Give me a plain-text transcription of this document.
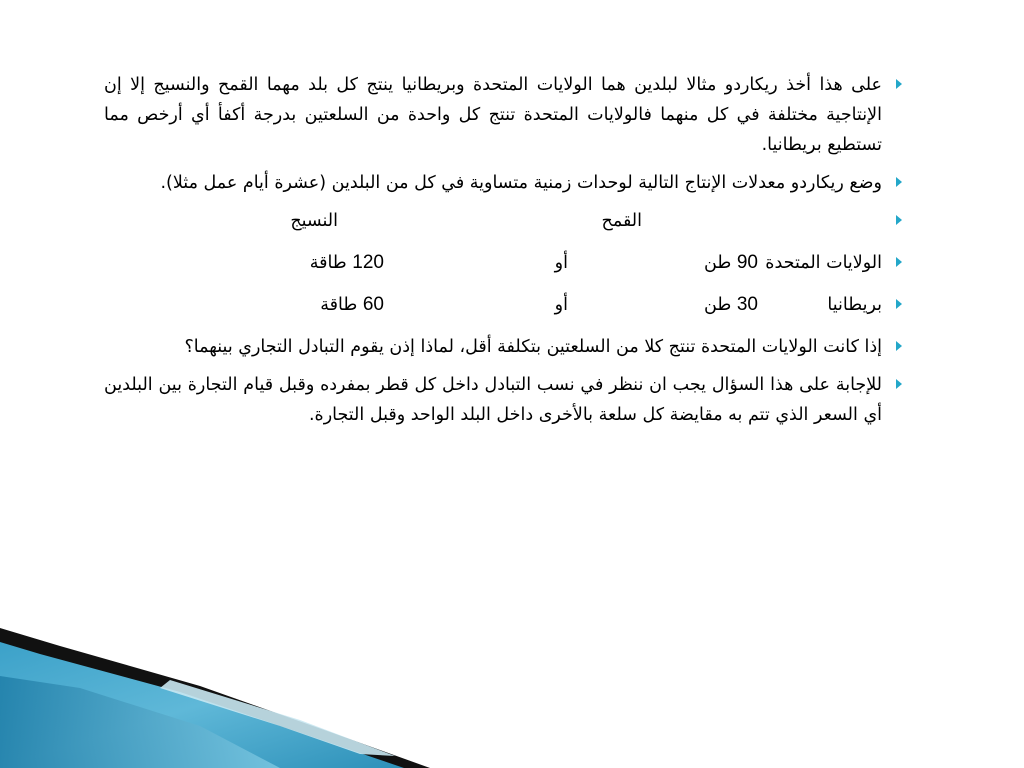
على هذا أخذ ريكاردو مثالا لبلدين هما الولايات المتحدة وبريطانيا ينتج كل بلد مهما القمح والنسيج إلا إن الإنتاجية مختلفة في كل منهما فالولايات المتحدة تنتج كل واحدة من السلعتين بدرجة أكفأ أي أرخص مما تستطيع بريطانيا.
وضع ريكاردو معدلات الإنتاج التالية لوحدات زمنية متساوية في كل من البلدين (عشرة أيام عمل مثلا).
القمح
النسيج
الولايات المتحدة
90 طن
أو
120 طاقة
بريطانيا
30 طن
أو
60 طاقة
إذا كانت الولايات المتحدة تنتج كلا من السلعتين بتكلفة أقل، لماذا إذن يقوم التبادل التجاري بينهما؟
للإجابة على هذا السؤال يجب ان ننظر في نسب التبادل داخل كل قطر بمفرده وقبل قيام التجارة بين البلدين أي السعر الذي تتم به مقايضة كل سلعة بالأخرى داخل البلد الواحد وقبل التجارة.
